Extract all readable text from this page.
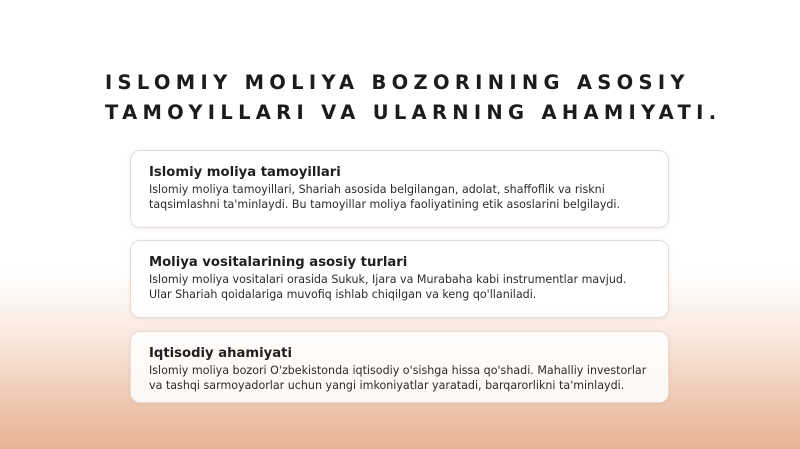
ISLOMIY MOLIYA BOZORINING ASOSIY TAMOYILLARI VA ULARNING AHAMIYATI.
Islomiy moliya tamoyillari

Islomiy moliya tamoyillari, Shariah asosida belgilangan, adolat, shaffoflik va riskni taqsimlashni ta'minlaydi. Bu tamoyillar moliya faoliyatining etik asoslarini belgilaydi.

Moliya vositalarining asosiy turlari

Islomiy moliya vositalari orasida Sukuk, Ijara va Murabaha kabi instrumentlar mavjud. Ular Shariah qoidalariga muvofiq ishlab chiqilgan va keng qo'llaniladi.

Iqtisodiy ahamiyati

Islomiy moliya bozori O'zbekistonda iqtisodiy o'sishga hissa qo'shadi. Mahalliy investorlar va tashqi sarmoyadorlar uchun yangi imkoniyatlar yaratadi, barqarorlikni ta'minlaydi.
